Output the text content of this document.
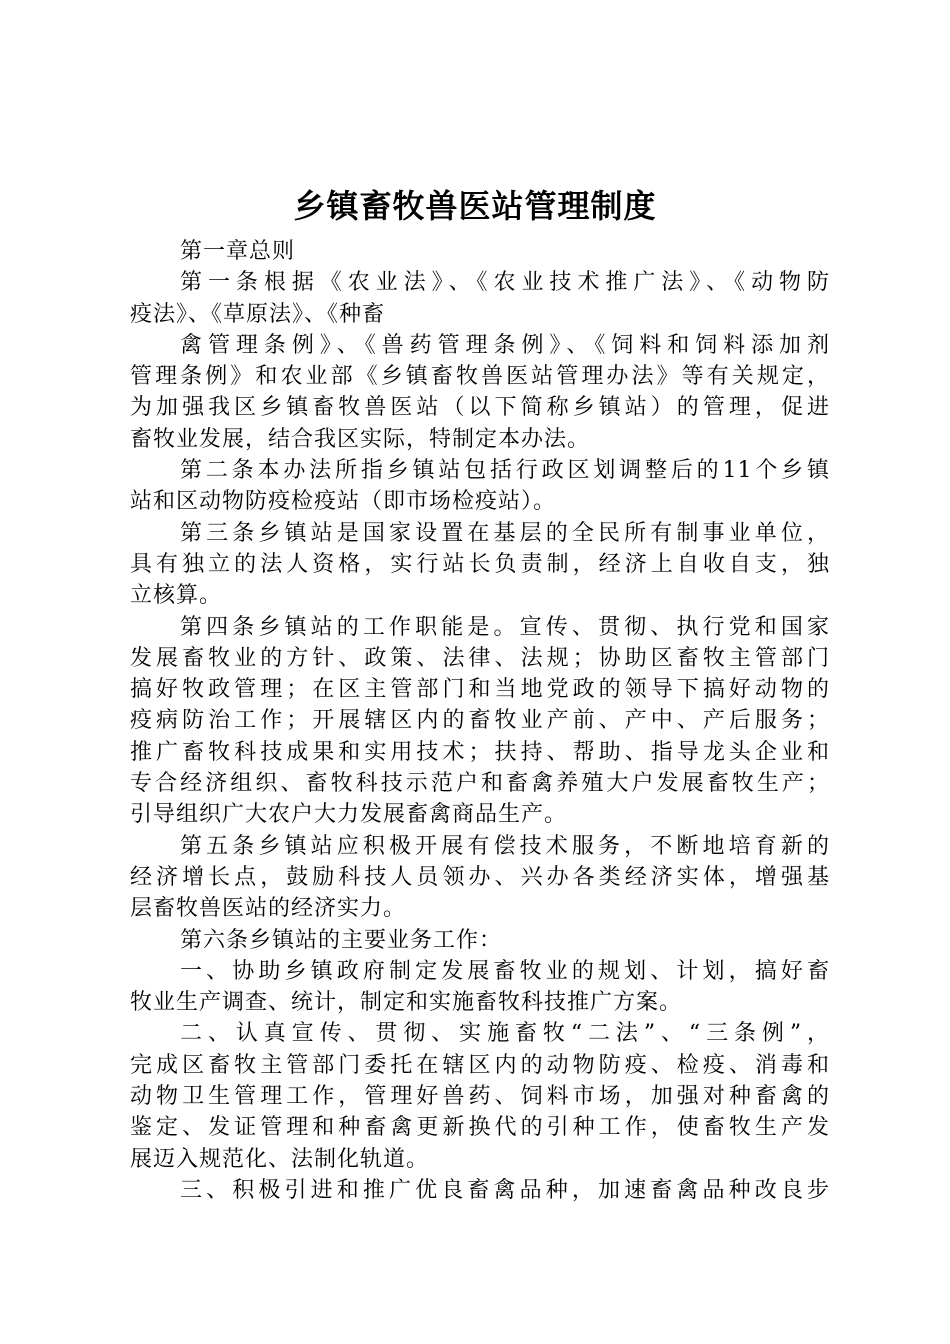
乡镇畜牧兽医站管理制度
第一章总则
第一条根据《农业法》、《农业技术推广法》、《动物防
疫法》、《草原法》、《种畜
禽管理条例》、《兽药管理条例》、《饲料和饲料添加剂
管理条例》和农业部《乡镇畜牧兽医站管理办法》等有关规定，
为加强我区乡镇畜牧兽医站（以下简称乡镇站）的管理，促进
畜牧业发展，结合我区实际，特制定本办法。
第二条本办法所指乡镇站包括行政区划调整后的11个乡镇
站和区动物防疫检疫站（即市场检疫站）。
第三条乡镇站是国家设置在基层的全民所有制事业单位，
具有独立的法人资格，实行站长负责制，经济上自收自支，独
立核算。
第四条乡镇站的工作职能是。宣传、贯彻、执行党和国家
发展畜牧业的方针、政策、法律、法规；协助区畜牧主管部门
搞好牧政管理；在区主管部门和当地党政的领导下搞好动物的
疫病防治工作；开展辖区内的畜牧业产前、产中、产后服务；
推广畜牧科技成果和实用技术；扶持、帮助、指导龙头企业和
专合经济组织、畜牧科技示范户和畜禽养殖大户发展畜牧生产；
引导组织广大农户大力发展畜禽商品生产。
第五条乡镇站应积极开展有偿技术服务，不断地培育新的
经济增长点，鼓励科技人员领办、兴办各类经济实体，增强基
层畜牧兽医站的经济实力。
第六条乡镇站的主要业务工作：
一、协助乡镇政府制定发展畜牧业的规划、计划，搞好畜
牧业生产调查、统计，制定和实施畜牧科技推广方案。
二、认真宣传、贯彻、实施畜牧“二法”、“三条例”，
完成区畜牧主管部门委托在辖区内的动物防疫、检疫、消毒和
动物卫生管理工作，管理好兽药、饲料市场，加强对种畜禽的
鉴定、发证管理和种畜禽更新换代的引种工作，使畜牧生产发
展迈入规范化、法制化轨道。
三、积极引进和推广优良畜禽品种，加速畜禽品种改良步
